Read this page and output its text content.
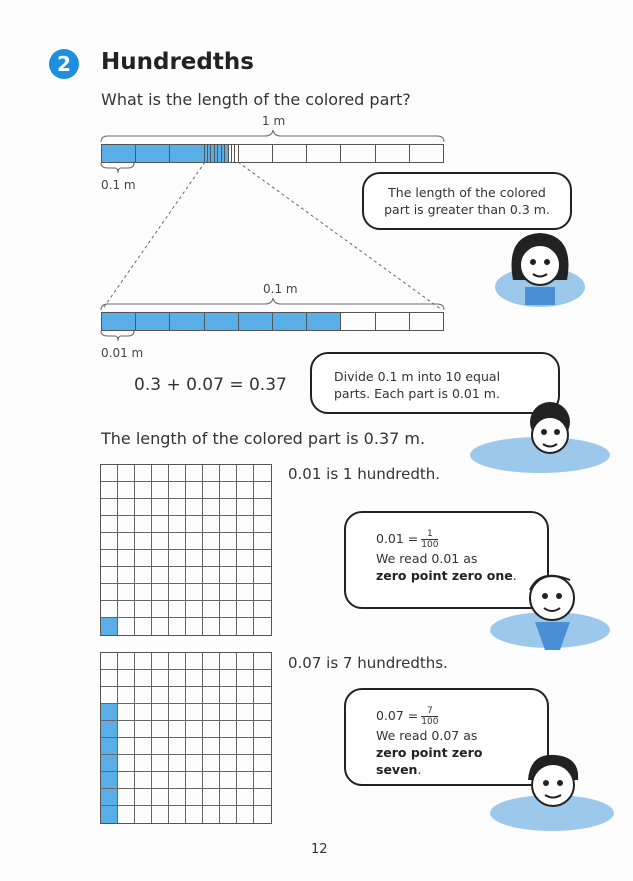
2	Hundredths
What is the length of the colored part?
1 m
0.1 m
0.1 m
0.01 m
0.3 + 0.07 = 0.37
The length of the colored part is greater than 0.3 m.
Divide 0.1 m into 10 equal parts. Each part is 0.01 m.
The length of the colored part is 0.37 m.
0.01 is 1 hundredth.
$0.01 = \frac{1}{100}$
We read 0.01 as
zero point zero one.
0.07 is 7 hundredths.
$0.07 = \frac{7}{100}$
We read 0.07 as
zero point zero seven.
12
